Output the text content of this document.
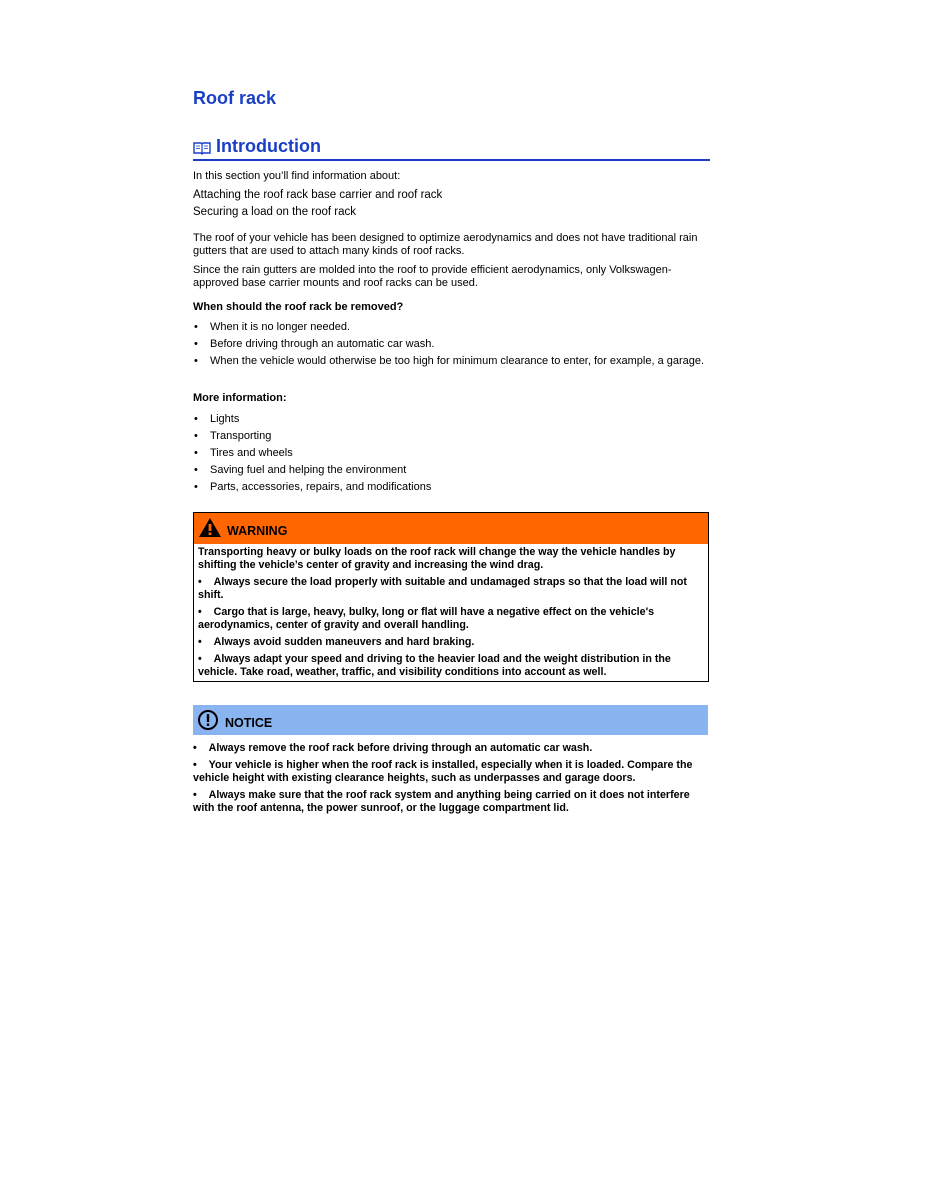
Roof rack
Introduction

In this section you’ll find information about:

Attaching the roof rack base carrier and roof rack

Securing a load on the roof rack

The roof of your vehicle has been designed to optimize aerodynamics and does not have traditional rain gutters that are used to attach many kinds of roof racks.

Since the rain gutters are molded into the roof to provide efficient aerodynamics, only Volkswagen-approved base carrier mounts and roof racks can be used.

When should the roof rack be removed?

• When it is no longer needed.
• Before driving through an automatic car wash.
• When the vehicle would otherwise be too high for minimum clearance to enter, for example, a garage.

More information:

• Lights
• Transporting
• Tires and wheels
• Saving fuel and helping the environment
• Parts, accessories, repairs, and modifications
WARNING

Transporting heavy or bulky loads on the roof rack will change the way the vehicle handles by shifting the vehicle’s center of gravity and increasing the wind drag.

•    Always secure the load properly with suitable and undamaged straps so that the load will not shift.

•    Cargo that is large, heavy, bulky, long or flat will have a negative effect on the vehicle's aerodynamics, center of gravity and overall handling.

•    Always avoid sudden maneuvers and hard braking.

•    Always adapt your speed and driving to the heavier load and the weight distribution in the vehicle. Take road, weather, traffic, and visibility conditions into account as well.

NOTICE

•    Always remove the roof rack before driving through an automatic car wash.

•    Your vehicle is higher when the roof rack is installed, especially when it is loaded. Compare the vehicle height with existing clearance heights, such as underpasses and garage doors.

•    Always make sure that the roof rack system and anything being carried on it does not interfere with the roof antenna, the power sunroof, or the luggage compartment lid.
